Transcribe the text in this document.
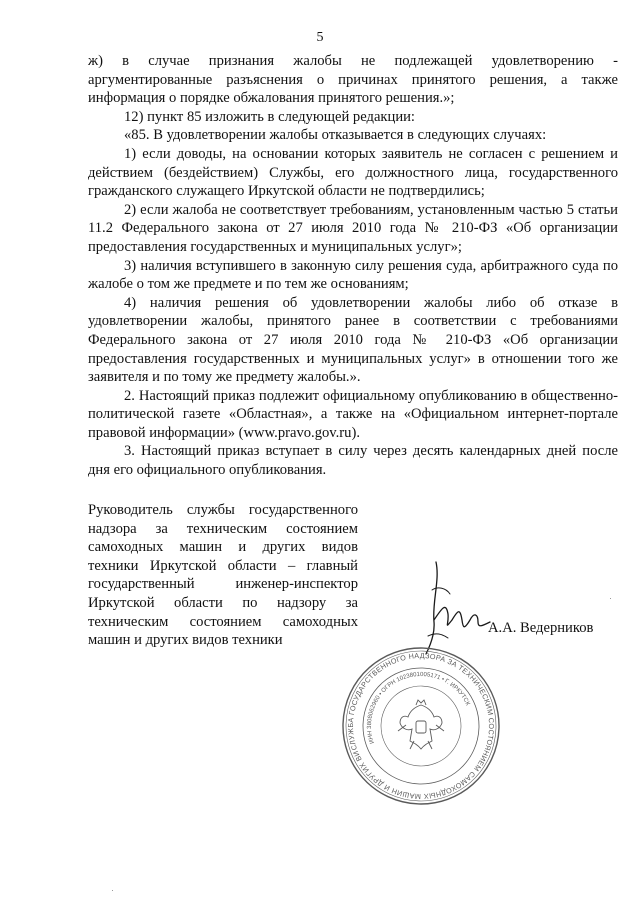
5

ж) в случае признания жалобы не подлежащей удовлетворению - аргументированные разъяснения о причинах принятого решения, а также информация о порядке обжалования принятого решения.»;

12) пункт 85 изложить в следующей редакции:

«85. В удовлетворении жалобы отказывается в следующих случаях:

1) если доводы, на основании которых заявитель не согласен с решением и действием (бездействием) Службы, его должностного лица, государственного гражданского служащего Иркутской области не подтвердились;

2) если жалоба не соответствует требованиям, установленным частью 5 статьи 11.2 Федерального закона от 27 июля 2010 года № 210-ФЗ «Об организации предоставления государственных и муниципальных услуг»;

3) наличия вступившего в законную силу решения суда, арбитражного суда по жалобе о том же предмете и по тем же основаниям;

4) наличия решения об удовлетворении жалобы либо об отказе в удовлетворении жалобы, принятого ранее в соответствии с требованиями Федерального закона от 27 июля 2010 года № 210-ФЗ «Об организации предоставления государственных и муниципальных услуг» в отношении того же заявителя и по тому же предмету жалобы.».

2. Настоящий приказ подлежит официальному опубликованию в общественно-политической газете «Областная», а также на «Официальном интернет-портале правовой информации» (www.pravo.gov.ru).

3. Настоящий приказ вступает в силу через десять календарных дней после дня его официального опубликования.

Руководитель службы государственного
надзора за техническим состоянием
самоходных машин и других видов
техники Иркутской области – главный
государственный инженер-инспектор
Иркутской области по надзору за
техническим состоянием самоходных
машин и других видов техники
А.А. Ведерников
СЛУЖБА ГОСУДАРСТВЕННОГО НАДЗОРА ЗА ТЕХНИЧЕСКИМ СОСТОЯНИЕМ САМОХОДНЫХ МАШИН И ДРУГИХ ВИДОВ
ИНН 3808062960 • ОГРН 1023801005171 • Г. ИРКУТСК
